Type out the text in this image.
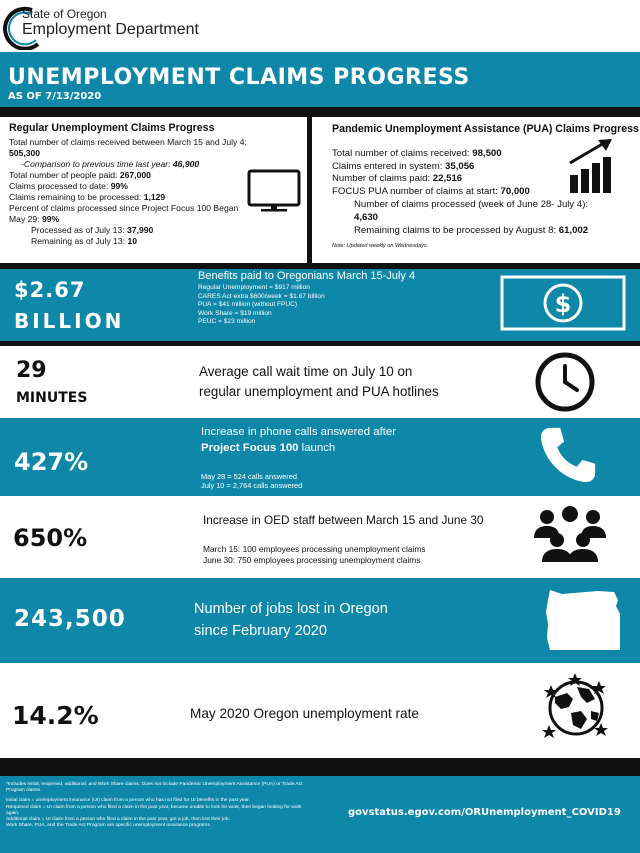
State of Oregon
Employment Department
UNEMPLOYMENT CLAIMS PROGRESS
AS OF 7/13/2020
Regular Unemployment Claims Progress
Total number of claims received between March 15 and July 4:
505,300
-Comparison to previous time last year: 46,900
Total number of people paid: 267,000
Claims processed to date: 99%
Claims remaining to be processed: 1,129
Percent of claims processed since Project Focus 100 Began May 29: 99%
Processed as of July 13: 37,990
Remaining as of July 13: 10
Pandemic Unemployment Assistance (PUA) Claims Progress
Total number of claims received: 98,500
Claims entered in system: 35,056
Number of claims paid: 22,516
FOCUS PUA number of claims at start: 70,000
Number of claims processed (week of June 28- July 4):
4,630
Remaining claims to be processed by August 8: 61,002
Note: Updated weekly on Wednesdays.
$2.67
BILLION
Benefits paid to Oregonians March 15-July 4
Regular Unemployment = $917 million
CARES Act extra $600/week = $1.67 billion
PUA = $41 million (without FPUC)
Work Share = $19 million
PEUC = $23 million
$
29
MINUTES
Average call wait time on July 10 on
regular unemployment and PUA hotlines
427%
Increase in phone calls answered after
Project Focus 100 launch
May 28 = 524 calls answered
July 10 = 2,764 calls answered
650%
Increase in OED staff between March 15 and June 30
March 15: 100 employees processing unemployment claims
June 30: 750 employees processing unemployment claims
243,500	Number of jobs lost in Oregon
since February 2020
14.2%	May 2020 Oregon unemployment rate

*Includes initial, reopened, additional, and Work Share claims. Does not include Pandemic Unemployment Assistance (PUA) or Trade Act Program claims.

Initial claim = unemployment insurance (UI) claim from a person who has not filed for UI benefits in the past year.
Reopened claim = UI claim from a person who filed a claim in the past year, became unable to look for work, then began looking for work again.
Additional claim = UI claim from a person who filed a claim in the past year, got a job, then lost their job.
Work Share, PUA, and the Trade Act Program are specific unemployment insurance programs.
govstatus.egov.com/ORUnemployment_COVID19
